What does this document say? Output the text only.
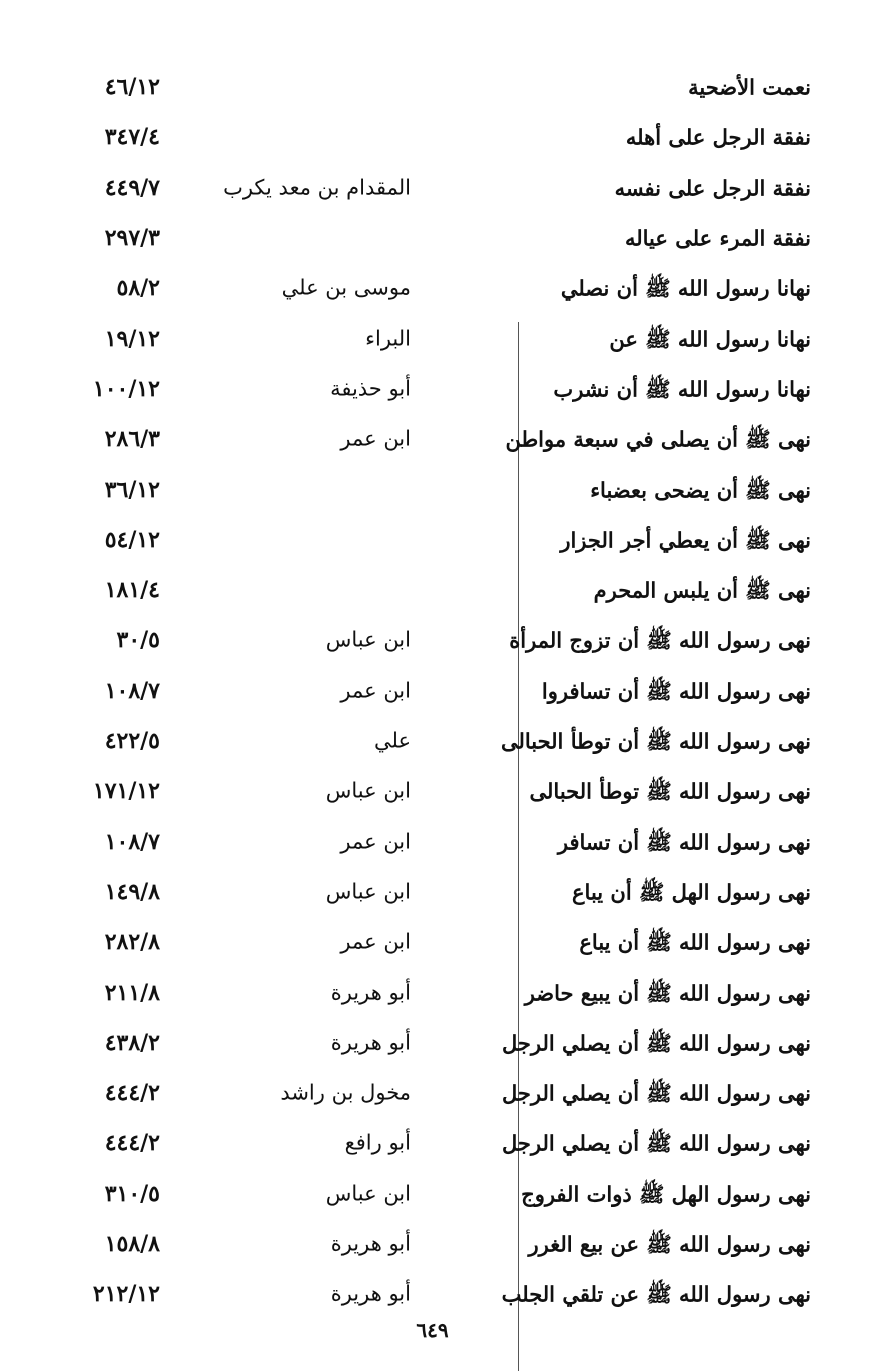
نعمت الأضحية
٤٦/١٢
نفقة الرجل على أهله
٣٤٧/٤
نفقة الرجل على نفسه
المقدام بن معد يكرب
٤٤٩/٧
نفقة المرء على عياله
٢٩٧/٣
نهانا رسول الله ﷺ أن نصلي
موسى بن علي
٥٨/٢
نهانا رسول الله ﷺ عن
البراء
١٩/١٢
نهانا رسول الله ﷺ أن نشرب
أبو حذيفة
١٠٠/١٢
نهى ﷺ أن يصلى في سبعة مواطن
ابن عمر
٢٨٦/٣
نهى ﷺ أن يضحى بعضباء
٣٦/١٢
نهى ﷺ أن يعطي أجر الجزار
٥٤/١٢
نهى ﷺ أن يلبس المحرم
١٨١/٤
نهى رسول الله ﷺ أن تزوج المرأة
ابن عباس
٣٠/٥
نهى رسول الله ﷺ أن تسافروا
ابن عمر
١٠٨/٧
نهى رسول الله ﷺ أن توطأ الحبالى
علي
٤٢٢/٥
نهى رسول الله ﷺ توطأ الحبالى
ابن عباس
١٧١/١٢
نهى رسول الله ﷺ أن تسافر
ابن عمر
١٠٨/٧
نهى رسول الهل ﷺ أن يباع
ابن عباس
١٤٩/٨
نهى رسول الله ﷺ أن يباع
ابن عمر
٢٨٢/٨
نهى رسول الله ﷺ أن يبيع حاضر
أبو هريرة
٢١١/٨
نهى رسول الله ﷺ أن يصلي الرجل
أبو هريرة
٤٣٨/٢
نهى رسول الله ﷺ أن يصلي الرجل
مخول بن راشد
٤٤٤/٢
نهى رسول الله ﷺ أن يصلي الرجل
أبو رافع
٤٤٤/٢
نهى رسول الهل ﷺ ذوات الفروج
ابن عباس
٣١٠/٥
نهى رسول الله ﷺ عن بيع الغرر
أبو هريرة
١٥٨/٨
نهى رسول الله ﷺ عن تلقي الجلب
أبو هريرة
٢١٢/١٢
٦٤٩
